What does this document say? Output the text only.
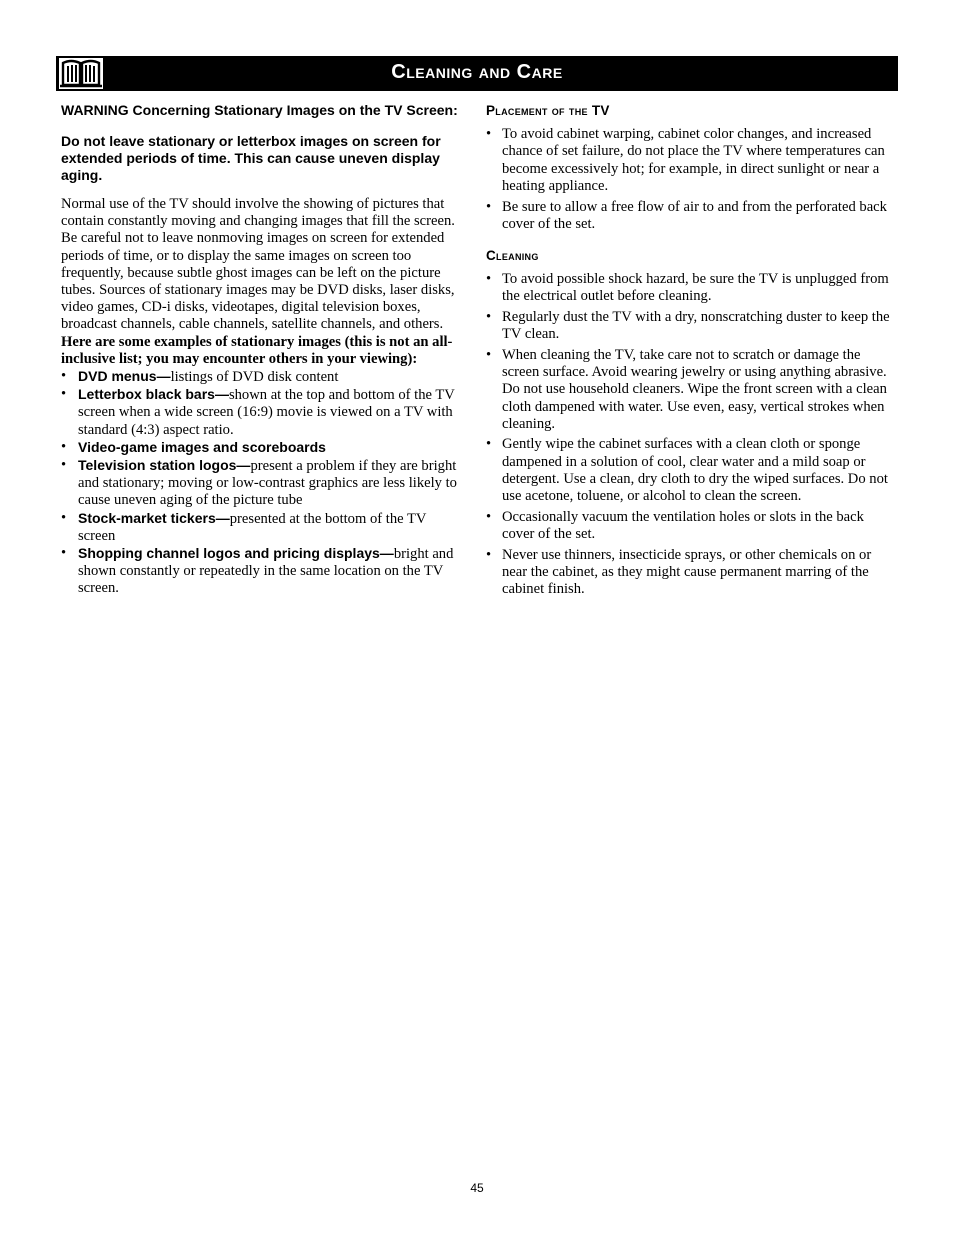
Cleaning and Care
WARNING Concerning Stationary Images on the TV Screen:
Do not leave stationary or letterbox images on screen for extended periods of time. This can cause uneven display aging.

Normal use of the TV should involve the showing of pictures that contain constantly moving and changing images that fill the screen. Be careful not to leave nonmoving images on screen for extended periods of time, or to display the same images on screen too frequently, because subtle ghost images can be left on the picture tubes. Sources of stationary images may be DVD disks, laser disks, video games, CD-i disks, videotapes, digital television boxes, broadcast channels, cable channels, satellite channels, and others. Here are some examples of stationary images (this is not an all-inclusive list; you may encounter others in your viewing):

• DVD menus—listings of DVD disk content
• Letterbox black bars—shown at the top and bottom of the TV screen when a wide screen (16:9) movie is viewed on a TV with standard (4:3) aspect ratio.
• Video-game images and scoreboards
• Television station logos—present a problem if they are bright and stationary; moving or low-contrast graphics are less likely to cause uneven aging of the picture tube
• Stock-market tickers—presented at the bottom of the TV screen
• Shopping channel logos and pricing displays—bright and shown constantly or repeatedly in the same location on the TV screen.
Placement of the TV
• To avoid cabinet warping, cabinet color changes, and increased chance of set failure, do not place the TV where temperatures can become excessively hot; for example, in direct sunlight or near a heating appliance.
• Be sure to allow a free flow of air to and from the perforated back cover of the set.
Cleaning
• To avoid possible shock hazard, be sure the TV is unplugged from the electrical outlet before cleaning.
• Regularly dust the TV with a dry, nonscratching duster to keep the TV clean.
• When cleaning the TV, take care not to scratch or damage the screen surface. Avoid wearing jewelry or using anything abrasive. Do not use household cleaners. Wipe the front screen with a clean cloth dampened with water. Use even, easy, vertical strokes when cleaning.
• Gently wipe the cabinet surfaces with a clean cloth or sponge dampened in a solution of cool, clear water and a mild soap or detergent. Use a clean, dry cloth to dry the wiped surfaces. Do not use acetone, toluene, or alcohol to clean the screen.
• Occasionally vacuum the ventilation holes or slots in the back cover of the set.
• Never use thinners, insecticide sprays, or other chemicals on or near the cabinet, as they might cause permanent marring of the cabinet finish.
45
